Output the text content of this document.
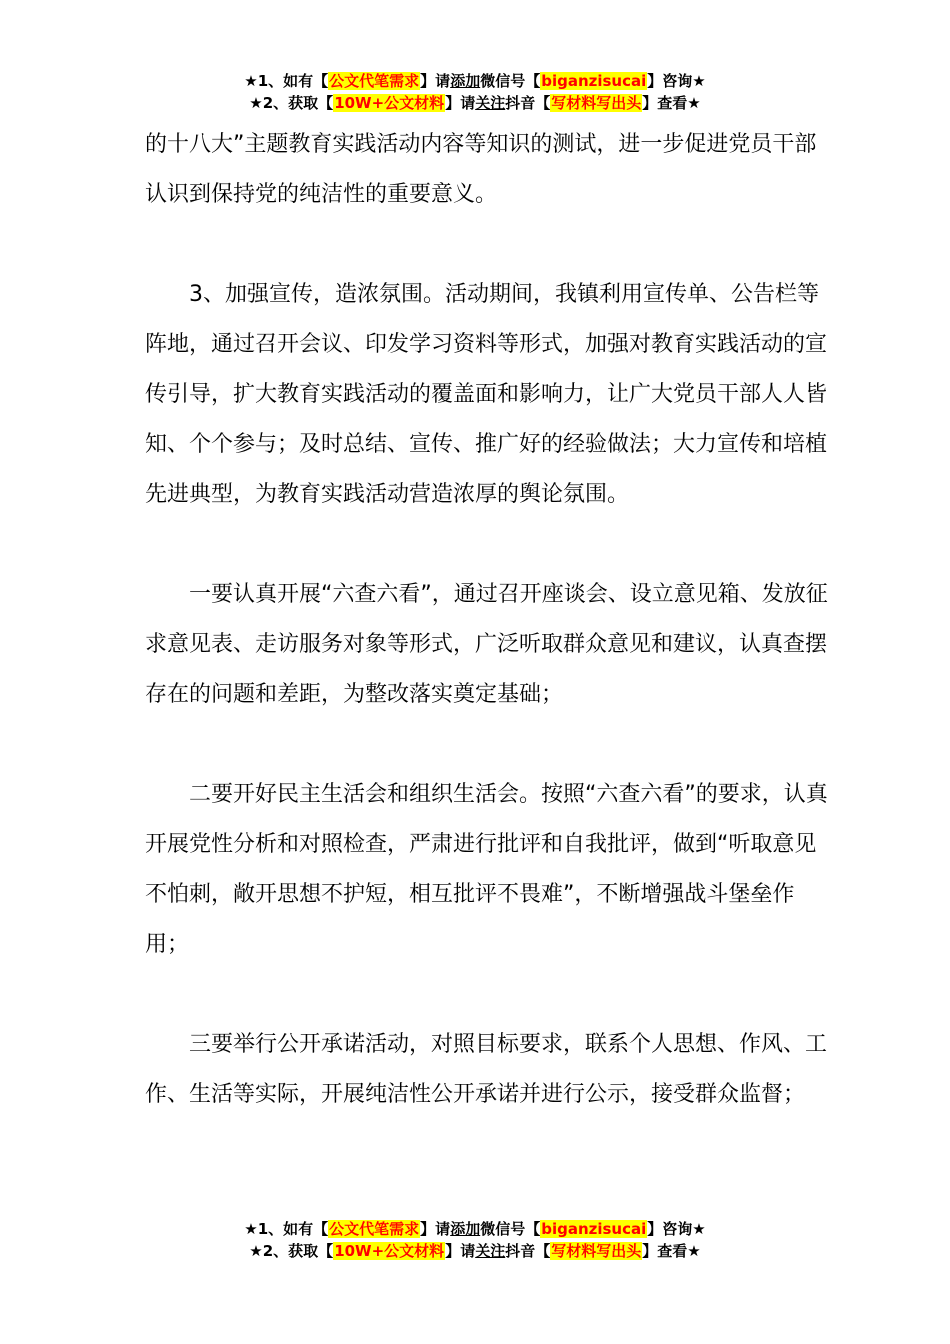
★1、如有【公文代笔需求】请添加微信号【biganzisucai】咨询★
★2、获取【10W+公文材料】请关注抖音【写材料写出头】查看★

的十八大”主题教育实践活动内容等知识的测试，进一步促进党员干部认识到保持党的纯洁性的重要意义。

3、加强宣传，造浓氛围。活动期间，我镇利用宣传单、公告栏等阵地，通过召开会议、印发学习资料等形式，加强对教育实践活动的宣传引导，扩大教育实践活动的覆盖面和影响力，让广大党员干部人人皆知、个个参与；及时总结、宣传、推广好的经验做法；大力宣传和培植先进典型，为教育实践活动营造浓厚的舆论氛围。

一要认真开展“六查六看”，通过召开座谈会、设立意见箱、发放征求意见表、走访服务对象等形式，广泛听取群众意见和建议，认真查摆存在的问题和差距，为整改落实奠定基础；

二要开好民主生活会和组织生活会。按照“六查六看”的要求，认真开展党性分析和对照检查，严肃进行批评和自我批评，做到“听取意见不怕刺，敞开思想不护短，相互批评不畏难”，不断增强战斗堡垒作用；

三要举行公开承诺活动，对照目标要求，联系个人思想、作风、工作、生活等实际，开展纯洁性公开承诺并进行公示，接受群众监督；

★1、如有【公文代笔需求】请添加微信号【biganzisucai】咨询★
★2、获取【10W+公文材料】请关注抖音【写材料写出头】查看★
